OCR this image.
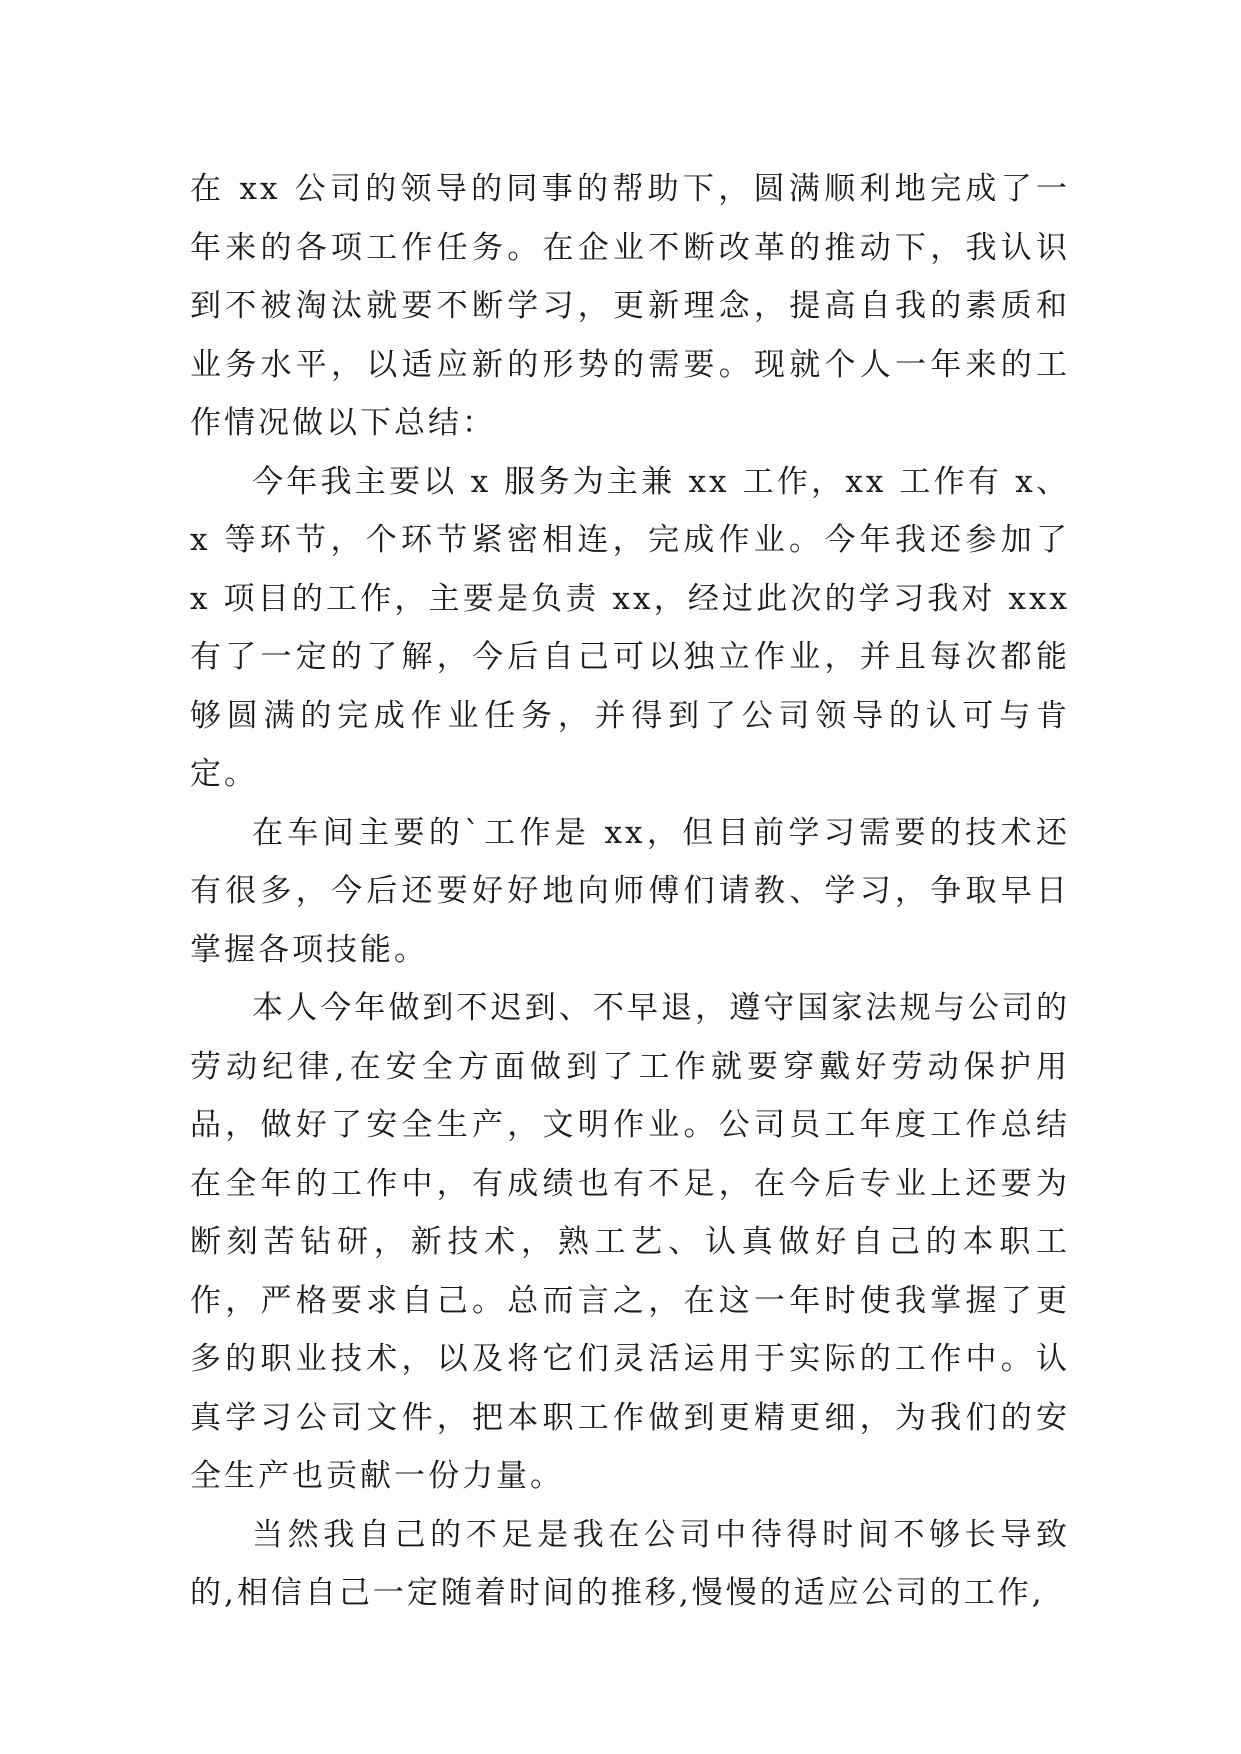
在 xx 公司的领导的同事的帮助下，圆满顺利地完成了一年来的各项工作任务。在企业不断改革的推动下，我认识到不被淘汰就要不断学习，更新理念，提高自我的素质和业务水平，以适应新的形势的需要。现就个人一年来的工作情况做以下总结：

今年我主要以 x 服务为主兼 xx 工作，xx 工作有 x、x 等环节，个环节紧密相连，完成作业。今年我还参加了 x 项目的工作，主要是负责 xx，经过此次的学习我对 xxx 有了一定的了解，今后自己可以独立作业，并且每次都能够圆满的完成作业任务，并得到了公司领导的认可与肯定。

在车间主要的`工作是 xx，但目前学习需要的技术还有很多，今后还要好好地向师傅们请教、学习，争取早日掌握各项技能。

本人今年做到不迟到、不早退，遵守国家法规与公司的劳动纪律,在安全方面做到了工作就要穿戴好劳动保护用品，做好了安全生产，文明作业。公司员工年度工作总结在全年的工作中，有成绩也有不足，在今后专业上还要为断刻苦钻研，新技术，熟工艺、认真做好自己的本职工作，严格要求自己。总而言之，在这一年时使我掌握了更多的职业技术，以及将它们灵活运用于实际的工作中。认真学习公司文件，把本职工作做到更精更细，为我们的安全生产也贡献一份力量。

当然我自己的不足是我在公司中待得时间不够长导致的,相信自己一定随着时间的推移,慢慢的适应公司的工作,
